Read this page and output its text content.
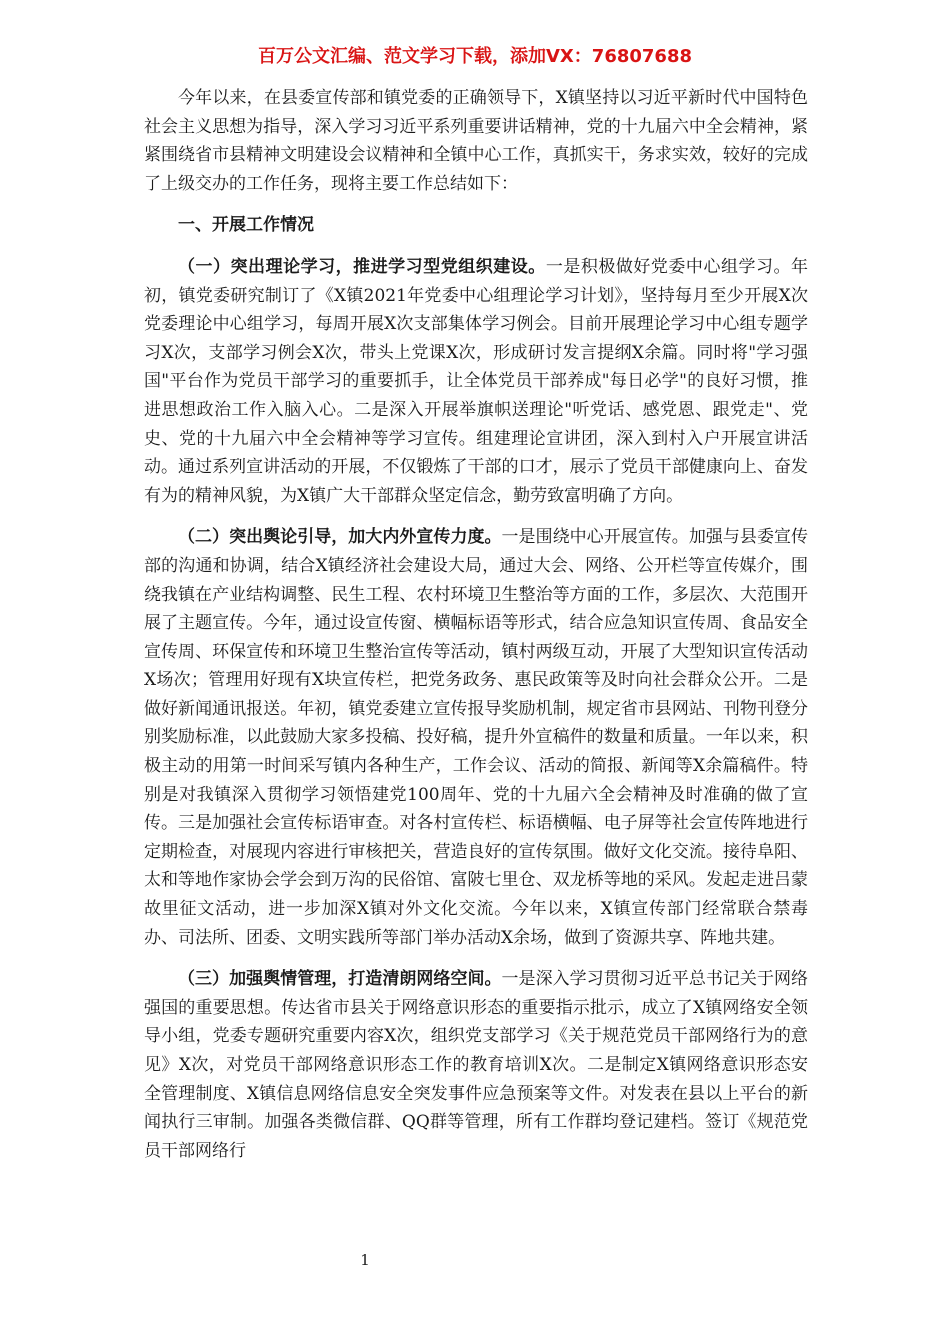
百万公文汇编、范文学习下载，添加VX：76807688

今年以来，在县委宣传部和镇党委的正确领导下，X镇坚持以习近平新时代中国特色社会主义思想为指导，深入学习习近平系列重要讲话精神，党的十九届六中全会精神，紧紧围绕省市县精神文明建设会议精神和全镇中心工作，真抓实干，务求实效，较好的完成了上级交办的工作任务，现将主要工作总结如下：

一、开展工作情况

（一）突出理论学习，推进学习型党组织建设。一是积极做好党委中心组学习。年初，镇党委研究制订了《X镇2021年党委中心组理论学习计划》，坚持每月至少开展X次党委理论中心组学习，每周开展X次支部集体学习例会。目前开展理论学习中心组专题学习X次，支部学习例会X次，带头上党课X次，形成研讨发言提纲X余篇。同时将"学习强国"平台作为党员干部学习的重要抓手，让全体党员干部养成"每日必学"的良好习惯，推进思想政治工作入脑入心。二是深入开展举旗帜送理论"听党话、感党恩、跟党走"、党史、党的十九届六中全会精神等学习宣传。组建理论宣讲团，深入到村入户开展宣讲活动。通过系列宣讲活动的开展，不仅锻炼了干部的口才，展示了党员干部健康向上、奋发有为的精神风貌，为X镇广大干部群众坚定信念，勤劳致富明确了方向。

（二）突出舆论引导，加大内外宣传力度。一是围绕中心开展宣传。加强与县委宣传部的沟通和协调，结合X镇经济社会建设大局，通过大会、网络、公开栏等宣传媒介，围绕我镇在产业结构调整、民生工程、农村环境卫生整治等方面的工作，多层次、大范围开展了主题宣传。今年，通过设宣传窗、横幅标语等形式，结合应急知识宣传周、食品安全宣传周、环保宣传和环境卫生整治宣传等活动，镇村两级互动，开展了大型知识宣传活动X场次；管理用好现有X块宣传栏，把党务政务、惠民政策等及时向社会群众公开。二是做好新闻通讯报送。年初，镇党委建立宣传报导奖励机制，规定省市县网站、刊物刊登分别奖励标准，以此鼓励大家多投稿、投好稿，提升外宣稿件的数量和质量。一年以来，积极主动的用第一时间采写镇内各种生产，工作会议、活动的简报、新闻等X余篇稿件。特别是对我镇深入贯彻学习领悟建党100周年、党的十九届六全会精神及时准确的做了宣传。三是加强社会宣传标语审查。对各村宣传栏、标语横幅、电子屏等社会宣传阵地进行定期检查，对展现内容进行审核把关，营造良好的宣传氛围。做好文化交流。接待阜阳、太和等地作家协会学会到万沟的民俗馆、富陂七里仓、双龙桥等地的采风。发起走进吕蒙故里征文活动，进一步加深X镇对外文化交流。今年以来，X镇宣传部门经常联合禁毒办、司法所、团委、文明实践所等部门举办活动X余场，做到了资源共享、阵地共建。

（三）加强舆情管理，打造清朗网络空间。一是深入学习贯彻习近平总书记关于网络强国的重要思想。传达省市县关于网络意识形态的重要指示批示，成立了X镇网络安全领导小组，党委专题研究重要内容X次，组织党支部学习《关于规范党员干部网络行为的意见》X次，对党员干部网络意识形态工作的教育培训X次。二是制定X镇网络意识形态安全管理制度、X镇信息网络信息安全突发事件应急预案等文件。对发表在县以上平台的新闻执行三审制。加强各类微信群、QQ群等管理，所有工作群均登记建档。签订《规范党员干部网络行

1
